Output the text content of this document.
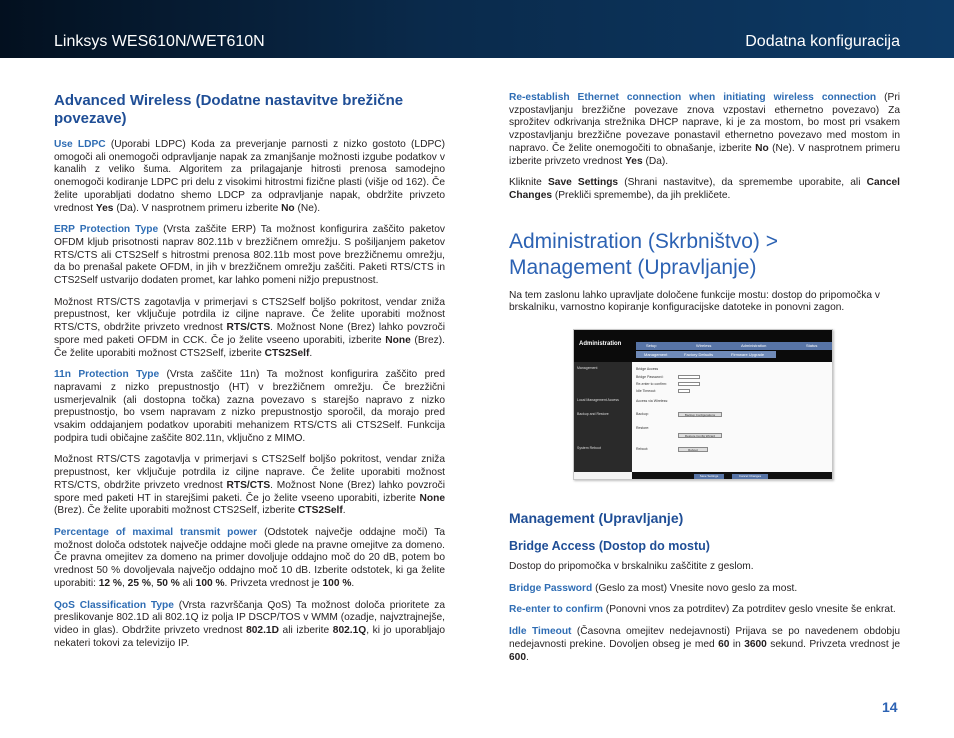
Linksys WES610N/WET610N	Dodatna konfiguracija
Advanced Wireless (Dodatne nastavitve brežične povezave)

Use LDPC (Uporabi LDPC) Koda za preverjanje parnosti z nizko gostoto (LDPC) omogoči ali onemogoči odpravljanje napak za zmanjšanje možnosti izgube podatkov v kanalih z veliko šuma. Algoritem za prilagajanje hitrosti prenosa samodejno onemogoči kodiranje LDPC pri delu z visokimi hitrostmi fizične plasti (višje od 162). Če želite uporabljati dodatno shemo LDCP za odpravljanje napak, obdržite privzeto vrednost Yes (Da). V nasprotnem primeru izberite No (Ne).

ERP Protection Type (Vrsta zaščite ERP) Ta možnost konfigurira zaščito paketov OFDM kljub prisotnosti naprav 802.11b v brezžičnem omrežju. S pošiljanjem paketov RTS/CTS ali CTS2Self s hitrostmi prenosa 802.11b most pove brezžičnemu omrežju, da bo prenašal pakete OFDM, in jih v brezžičnem omrežju zaščiti. Paketi RTS/CTS in CTS2Self ustvarijo dodaten promet, kar lahko pomeni nižjo prepustnost.

Možnost RTS/CTS zagotavlja v primerjavi s CTS2Self boljšo pokritost, vendar zniža prepustnost, ker vključuje potrdila iz ciljne naprave. Če želite uporabiti možnost RTS/CTS, obdržite privzeto vrednost RTS/CTS. Možnost None (Brez) lahko povzroči spore med paketi OFDM in CCK. Če jo želite vseeno uporabiti, izberite None (Brez). Če želite uporabiti možnost CTS2Self, izberite CTS2Self.

11n Protection Type (Vrsta zaščite 11n) Ta možnost konfigurira zaščito pred napravami z nizko prepustnostjo (HT) v brezžičnem omrežju. Če brezžični usmerjevalnik (ali dostopna točka) zazna povezavo s starejšo napravo z nizko prepustnostjo, bo vsem napravam z nizko prepustnostjo sporočil, da morajo pred vsakim oddajanjem podatkov uporabiti mehanizem RTS/CTS ali CTS2Self. Funkcija podpira tudi običajne zaščite 802.11n, vključno z MIMO.

Možnost RTS/CTS zagotavlja v primerjavi s CTS2Self boljšo pokritost, vendar zniža prepustnost, ker vključuje potrdila iz ciljne naprave. Če želite uporabiti možnost RTS/CTS, obdržite privzeto vrednost RTS/CTS. Možnost None (Brez) lahko povzroči spore med paketi HT in starejšimi paketi. Če jo želite vseeno uporabiti, izberite None (Brez). Če želite uporabiti možnost CTS2Self, izberite CTS2Self.

Percentage of maximal transmit power (Odstotek največje oddajne moči) Ta možnost določa odstotek največje oddajne moči glede na pravne omejitve za domeno. Če pravna omejitev za domeno na primer dovoljuje oddajno moč do 20 dB, potem bo vrednost 50 % dovoljevala največjo oddajno moč 10 dB. Izberite odstotek, ki ga želite uporabiti: 12 %, 25 %, 50 % ali 100 %. Privzeta vrednost je 100 %.

QoS Classification Type (Vrsta razvrščanja QoS) Ta možnost določa prioritete za preslikovanje 802.1D ali 802.1Q iz polja IP DSCP/TOS v WMM (ozadje, najvztrajnejše, video in glas). Obdržite privzeto vrednost 802.1D ali izberite 802.1Q, ki jo uporabljajo nekateri tokovi za televizijo IP.

Re-establish Ethernet connection when initiating wireless connection (Pri vzpostavljanju brezžične povezave znova vzpostavi ethernetno povezavo) Za sprožitev odkrivanja strežnika DHCP naprave, ki je za mostom, bo most pri vsakem vzpostavljanju brezžične povezave ponastavil ethernetno povezavo med mostom in napravo. Če želite onemogočiti to obnašanje, izberite No (Ne). V nasprotnem primeru izberite privzeto vrednost Yes (Da).

Kliknite Save Settings (Shrani nastavitve), da spremembe uporabite, ali Cancel Changes (Prekliči spremembe), da jih prekličete.

Administration (Skrbništvo) > Management (Upravljanje)

Na tem zaslonu lahko upravljate določene funkcije mostu: dostop do pripomočka v brskalniku, varnostno kopiranje konfiguracijske datoteke in ponovni zagon.

Administration	Setup	Wireless	Administration	Status
Management	Factory Defaults	Firmware Upgrade
Management
Local Management Access
Backup and Restore
System Reboot
Bridge Access
Bridge Password:
Re-enter to confirm:
Idle Timeout:
Access via Wireless:
Backup:	Backup Configurations
Restore:
Restore Config Wizard
Reboot:	Reboot
Save Settings	Cancel Changes
Management (Upravljanje)
Bridge Access (Dostop do mostu)

Dostop do pripomočka v brskalniku zaščitite z geslom.

Bridge Password (Geslo za most) Vnesite novo geslo za most.

Re-enter to confirm (Ponovni vnos za potrditev) Za potrditev geslo vnesite še enkrat.

Idle Timeout (Časovna omejitev nedejavnosti) Prijava se po navedenem obdobju nedejavnosti prekine. Dovoljen obseg je med 60 in 3600 sekund. Privzeta vrednost je 600.

14
